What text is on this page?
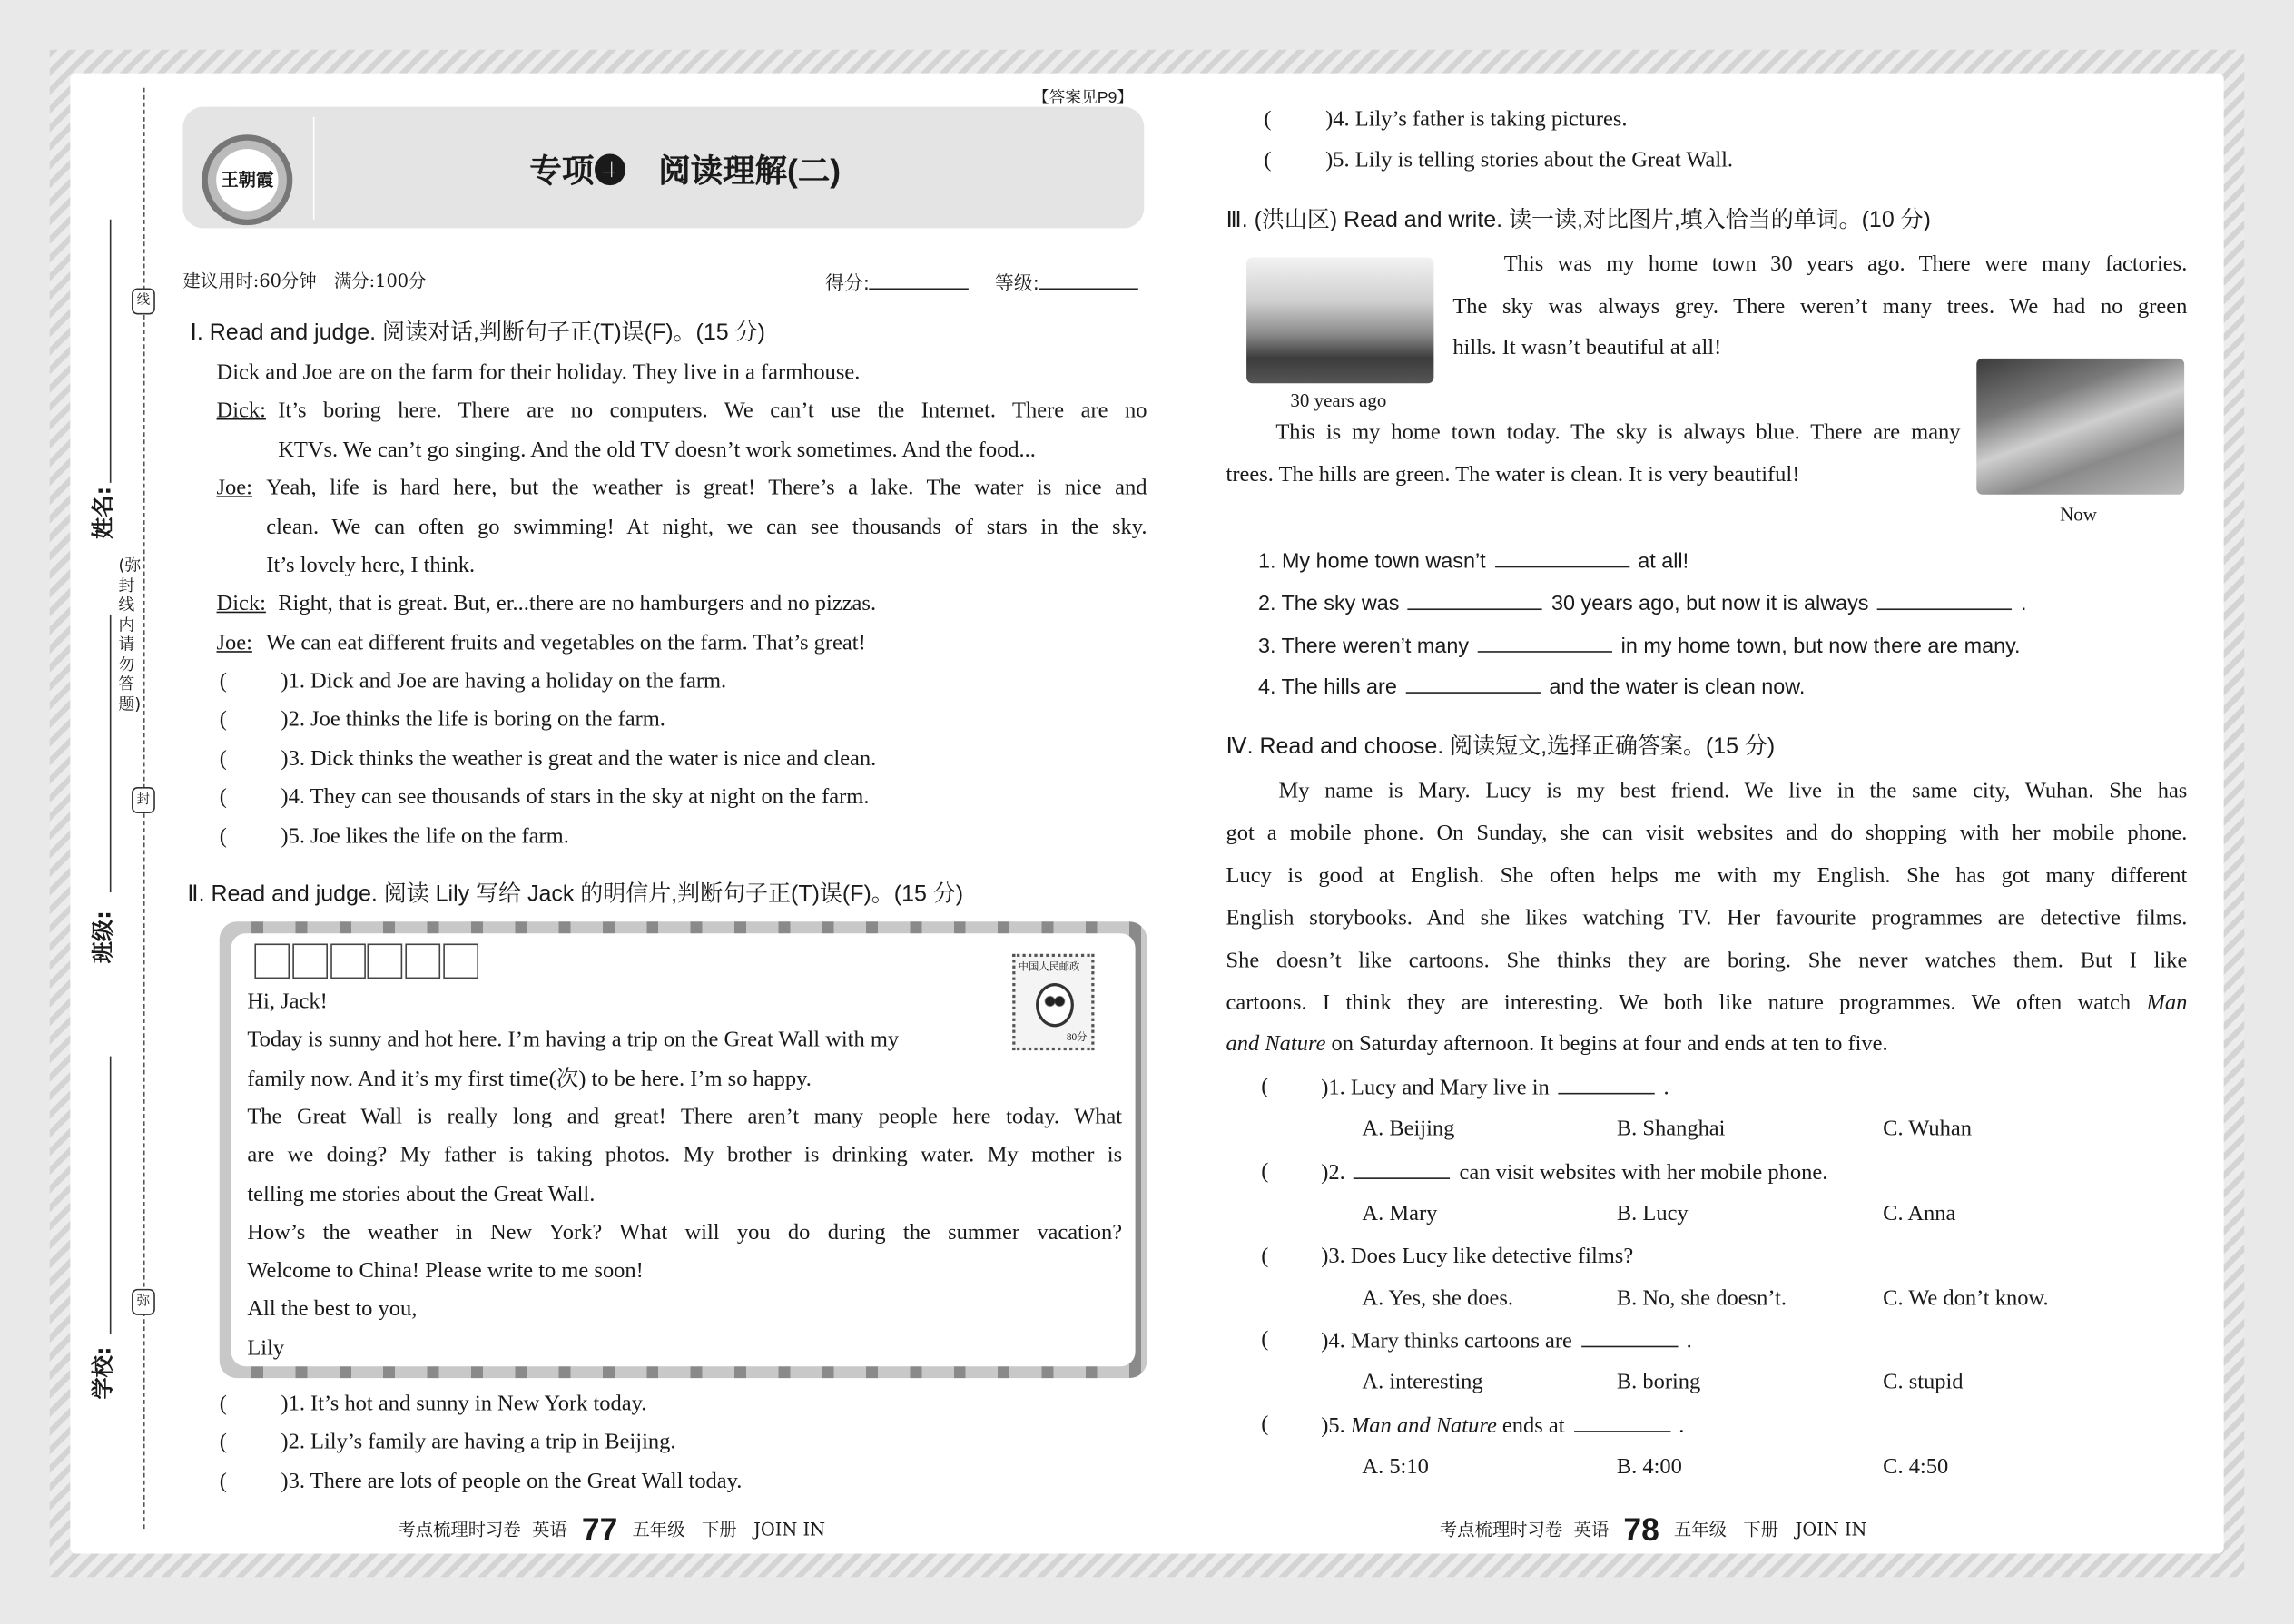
姓名:
班级:
学校:
(弥封线内请勿答题)
线
封
弥
【答案见P9】
王朝霞	专项❹　阅读理解(二)
建议用时:60分钟　满分:100分	得分:	等级:
Ⅰ. Read and judge. 阅读对话,判断句子正(T)误(F)。(15 分)
Dick and Joe are on the farm for their holiday. They live in a farmhouse.
Dick: It’s boring here. There are no computers. We can’t use the Internet. There are no
KTVs. We can’t go singing. And the old TV doesn’t work sometimes. And the food...
Joe: Yeah, life is hard here, but the weather is great! There’s a lake. The water is nice and
clean. We can often go swimming! At night, we can see thousands of stars in the sky.
It’s lovely here, I think.
Dick: Right, that is great. But, er...there are no hamburgers and no pizzas.
Joe: We can eat different fruits and vegetables on the farm. That’s great!
(	)1. Dick and Joe are having a holiday on the farm.
(	)2. Joe thinks the life is boring on the farm.
(	)3. Dick thinks the weather is great and the water is nice and clean.
(	)4. They can see thousands of stars in the sky at night on the farm.
(	)5. Joe likes the life on the farm.
Ⅱ. Read and judge. 阅读 Lily 写给 Jack 的明信片,判断句子正(T)误(F)。(15 分)
中国人民邮政
80分
Hi, Jack!
Today is sunny and hot here. I’m having a trip on the Great Wall with my
family now. And it’s my first time(次) to be here. I’m so happy.
The Great Wall is really long and great! There aren’t many people here today. What
are we doing? My father is taking photos. My brother is drinking water. My mother is
telling me stories about the Great Wall.
How’s the weather in New York? What will you do during the summer vacation?
Welcome to China! Please write to me soon!
All the best to you,
Lily
(	)1. It’s hot and sunny in New York today.
(	)2. Lily’s family are having a trip in Beijing.
(	)3. There are lots of people on the Great Wall today.
(	)4. Lily’s father is taking pictures.
(	)5. Lily is telling stories about the Great Wall.
Ⅲ. (洪山区) Read and write. 读一读,对比图片,填入恰当的单词。(10 分)
30 years ago
Now
This was my home town 30 years ago. There were many factories.
The sky was always grey. There weren’t many trees. We had no green
hills. It wasn’t beautiful at all!
This is my home town today. The sky is always blue. There are many
trees. The hills are green. The water is clean. It is very beautiful!
1. My home town wasn’t	at all!
2. The sky was	30 years ago, but now it is always	.
3. There weren’t many	in my home town, but now there are many.
4. The hills are	and the water is clean now.
Ⅳ. Read and choose. 阅读短文,选择正确答案。(15 分)
My name is Mary. Lucy is my best friend. We live in the same city, Wuhan. She has
got a mobile phone. On Sunday, she can visit websites and do shopping with her mobile phone.
Lucy is good at English. She often helps me with my English. She has got many different
English storybooks. And she likes watching TV. Her favourite programmes are detective films.
She doesn’t like cartoons. She thinks they are boring. She never watches them. But I like
cartoons. I think they are interesting. We both like nature programmes. We often watch Man
and Nature on Saturday afternoon. It begins at four and ends at ten to five.
(	)1. Lucy and Mary live in	.
A. Beijing	B. Shanghai	C. Wuhan
(	)2.	can visit websites with her mobile phone.
A. Mary	B. Lucy	C. Anna
(	)3. Does Lucy like detective films?
A. Yes, she does.	B. No, she doesn’t.	C. We don’t know.
(	)4. Mary thinks cartoons are	.
A. interesting	B. boring	C. stupid
(	)5. Man and Nature ends at	.
A. 5:10	B. 4:00	C. 4:50
考点梳理时习卷 英语 77 五年级 下册 JOIN IN	考点梳理时习卷 英语 78 五年级 下册 JOIN IN
